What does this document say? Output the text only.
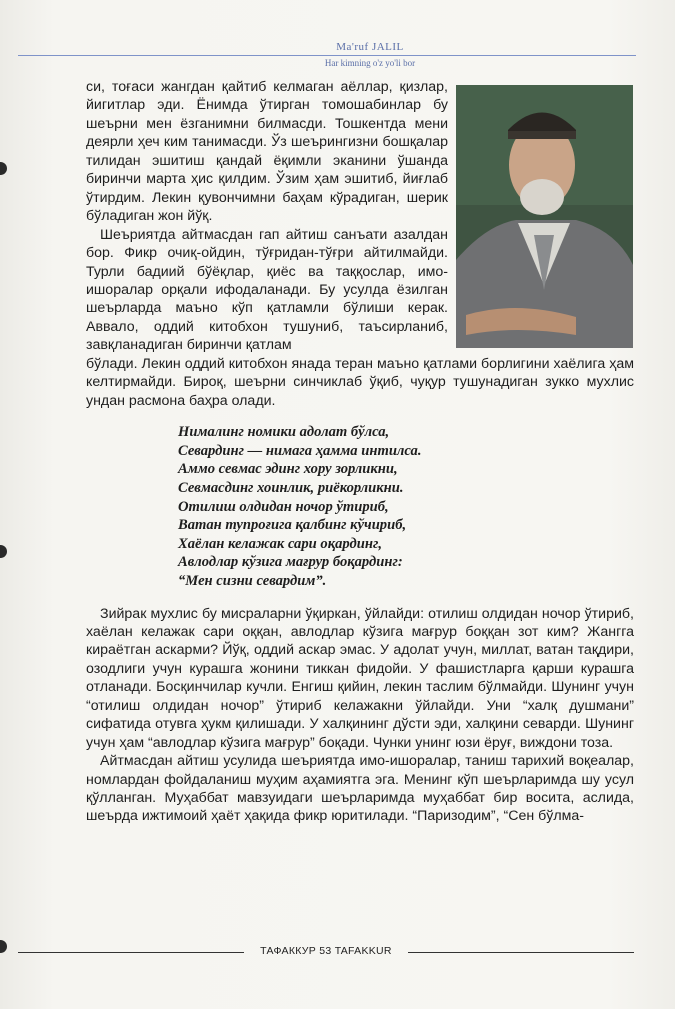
Ma'ruf JALIL
Har kimning o'z yo'li bor

си, тоғаси жангдан қайтиб келмаган аёллар, қизлар, йигитлар эди. Ёнимда ўтирган томошабинлар бу шеърни мен ёзганимни билмасди. Тошкентда мени деярли ҳеч ким танимасди. Ўз шеърингизни бошқалар тилидан эшитиш қандай ёқимли эканини ўшанда биринчи марта ҳис қилдим. Ўзим ҳам эшитиб, йиғлаб ўтирдим. Лекин қувончимни баҳам кўрадиган, шерик бўладиган жон йўқ.

Шеъриятда айтмасдан гап айтиш санъати азалдан бор. Фикр очиқ-ойдин, тўғридан-тўғри айтилмайди. Турли бадиий бўёқлар, қиёс ва таққослар, имо-ишоралар орқали ифодаланади. Бу усулда ёзилган шеърларда маъно кўп қатламли бўлиши керак. Аввало, оддий китобхон тушуниб, таъсирланиб, завқланадиган биринчи қатлам

бўлади. Лекин оддий китобхон янада теран маъно қатлами борлигини хаёлига ҳам келтирмайди. Бироқ, шеърни синчиклаб ўқиб, чуқур тушунадиган зукко мухлис ундан расмона баҳра олади.

Нималинг номики адолат бўлса,
Севардинг — нимага ҳамма интилса.
Аммо севмас эдинг хору зорликни,
Севмасдинг хоинлик, риёкорликни.
Отилиш олдидан ночор ўтириб,
Ватан тупроғига қалбинг кўчириб,
Хаёлан келажак сари оқардинг,
Авлодлар кўзига мағрур боқардинг:
“Мен сизни севардим”.

Зийрак мухлис бу мисраларни ўқиркан, ўйлайди: отилиш олдидан ночор ўтириб, хаёлан келажак сари оққан, авлодлар кўзига мағрур боққан зот ким? Жангга кираётган аскарми? Йўқ, оддий аскар эмас. У адолат учун, миллат, ватан тақдири, озодлиги учун курашга жонини тиккан фидойи. У фашистларга қарши курашга отланади. Босқинчилар кучли. Енгиш қийин, лекин таслим бўлмайди. Шунинг учун “отилиш олдидан ночор” ўтириб келажакни ўйлайди. Уни “халқ душмани” сифатида отувга ҳукм қилишади. У халқининг дўсти эди, халқини севарди. Шунинг учун ҳам “авлодлар кўзига мағрур” боқади. Чунки унинг юзи ёруғ, виждони тоза.

Айтмасдан айтиш усулида шеъриятда имо-ишоралар, таниш тарихий воқеалар, номлардан фойдаланиш муҳим аҳамиятга эга. Менинг кўп шеърларимда шу усул қўлланган. Муҳаббат мавзуидаги шеърларимда муҳаббат бир восита, аслида, шеърда ижтимоий ҳаёт ҳақида фикр юритилади. “Паризодим”, “Сен бўлма-

ТАФАККУР 53 TAFAKKUR
